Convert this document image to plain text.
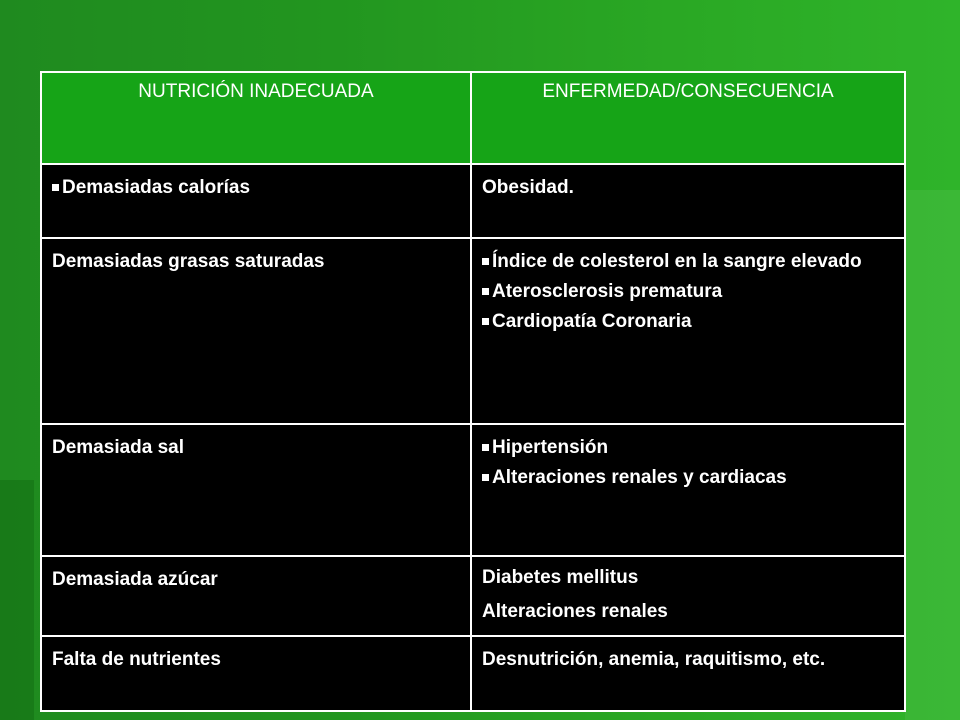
NUTRICIÓN INADECUADA	ENFERMEDAD/CONSECUENCIA

Demasiadas calorías	Obesidad.

Demasiadas grasas saturadas	Índice de colesterol en la sangre elevado
Aterosclerosis prematura
Cardiopatía Coronaria

Demasiada sal	Hipertensión
Alteraciones renales y cardiacas

Demasiada azúcar	Diabetes mellitus
Alteraciones renales

Falta de nutrientes	Desnutrición, anemia, raquitismo, etc.
